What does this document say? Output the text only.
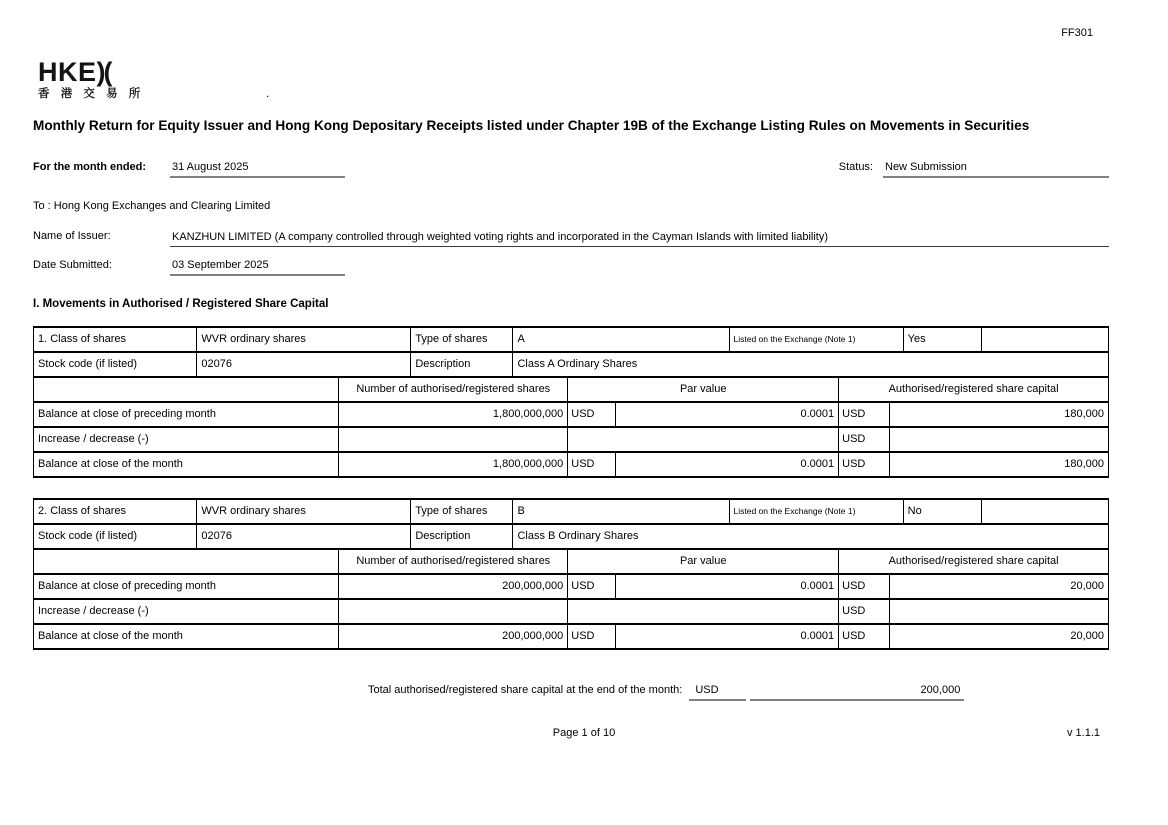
FF301
HKE)(
香 港 交 易 所	.
Monthly Return for Equity Issuer and Hong Kong Depositary Receipts listed under Chapter 19B of the Exchange Listing Rules on Movements in Securities
For the month ended:	31 August 2025	Status: New Submission
To : Hong Kong Exchanges and Clearing Limited
Name of Issuer:	KANZHUN LIMITED (A company controlled through weighted voting rights and incorporated in the Cayman Islands with limited liability)
Date Submitted:	03 September 2025
I. Movements in Authorised / Registered Share Capital
1. Class of shares	WVR ordinary shares	Type of shares	A	Listed on the Exchange (Note 1)	Yes	
Stock code (if listed)	02076	Description	Class A Ordinary Shares			
	Number of authorised/registered shares	Par value		Authorised/registered share capital	
Balance at close of preceding month	1,800,000,000	USD	0.0001	USD	180,000
Increase / decrease (-)				USD	
Balance at close of the month	1,800,000,000	USD	0.0001	USD	180,000
2. Class of shares	WVR ordinary shares	Type of shares	B	Listed on the Exchange (Note 1)	No	
Stock code (if listed)	02076	Description	Class B Ordinary Shares			
	Number of authorised/registered shares	Par value		Authorised/registered share capital	
Balance at close of preceding month	200,000,000	USD	0.0001	USD	20,000
Increase / decrease (-)				USD	
Balance at close of the month	200,000,000	USD	0.0001	USD	20,000
Total authorised/registered share capital at the end of the month:	USD	200,000
Page 1 of 10	v 1.1.1
